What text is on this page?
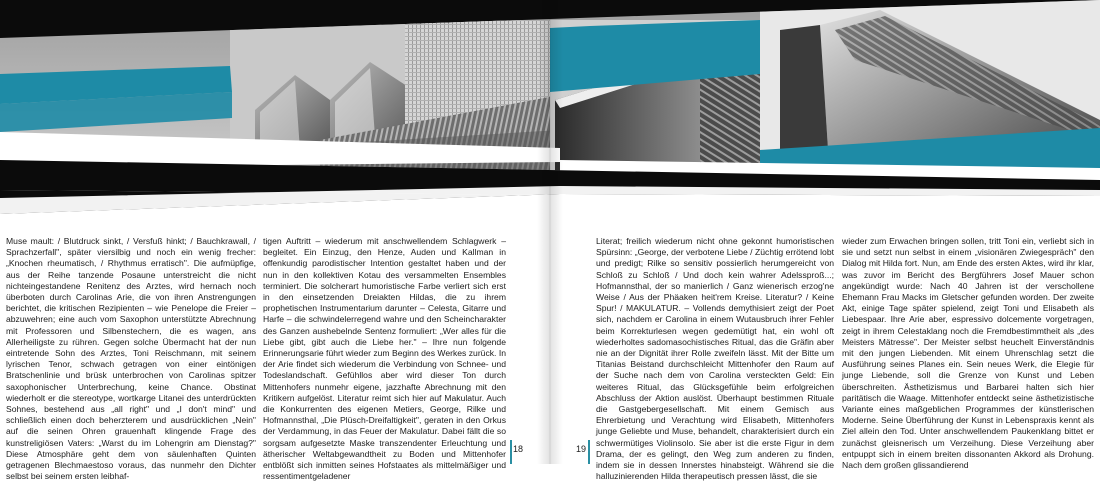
Muse mault: / Blutdruck sinkt, / Versfuß hinkt; / Bauchkrawall, / Sprachzerfall", später viersilbig und noch ein wenig frecher: „Knochen rheumatisch, / Rhythmus erratisch". Die aufmüpfige, aus der Reihe tanzende Posaune unterstreicht die nicht nichteingestandene Renitenz des Arztes, wird hernach noch überboten durch Carolinas Arie, die von ihren Anstrengungen berichtet, die kritischen Rezipienten – wie Penelope die Freier – abzuwehren; eine auch vom Saxophon unterstützte Abrechnung mit Professoren und Silbenstechern, die es wagen, ans Allerheiligste zu rühren. Gegen solche Übermacht hat der nun eintretende Sohn des Arztes, Toni Reischmann, mit seinem lyrischen Tenor, schwach getragen von einer eintönigen Bratschenlinie und brüsk unterbrochen von Carolinas spitzer saxophonischer Unterbrechung, keine Chance. Obstinat wiederholt er die stereotype, wortkarge Litanei des unterdrückten Sohnes, bestehend aus „all right" und „I don't mind" und schließlich einen doch beherzterem und ausdrücklichen „Nein" auf die seinen Ohren grauenhaft klingende Frage des kunstreligiösen Vaters: „Warst du im Lohengrin am Dienstag?" Diese Atmosphäre geht dem von säulenhaften Quinten getragenen Blechmaestoso voraus, das nunmehr den Dichter selbst bei seinem ersten leibhaf-

tigen Auftritt – wiederum mit anschwellendem Schlagwerk – begleitet. Ein Einzug, den Henze, Auden und Kallman in offenkundig parodistischer Intention gestaltet haben und der nun in den kollektiven Kotau des versammelten Ensembles terminiert. Die solcherart humoristische Farbe verliert sich erst in den einsetzenden Dreiakten Hildas, die zu ihrem prophetischen Instrumentarium darunter – Celesta, Gitarre und Harfe – die schwindelerregend wahre und den Scheincharakter des Ganzen aushebelnde Sentenz formuliert: „Wer alles für die Liebe gibt, gibt auch die Liebe her." – Ihre nun folgende Erinnerungsarie führt wieder zum Beginn des Werkes zurück. In der Arie findet sich wiederum die Verbindung von Schnee- und Todeslandschaft. Gefühllos aber wird dieser Ton durch Mittenhofers nunmehr eigene, jazzhafte Abrechnung mit den Kritikern aufgelöst. Literatur reimt sich hier auf Makulatur. Auch die Konkurrenten des eigenen Metiers, George, Rilke und Hofmannsthal, „Die Plüsch-Dreifaltigkeit", geraten in den Orkus der Verdammung, in das Feuer der Makulatur. Dabei fällt die so sorgsam aufgesetzte Maske transzendenter Erleuchtung und ätherischer Weltabgewandtheit zu Boden und Mittenhofer entblößt sich inmitten seines Hofstaates als mittelmäßiger und ressentimentgeladener

Literat; freilich wiederum nicht ohne gekonnt humoristischen Spürsinn: „George, der verbotene Liebe / Züchtig errötend lobt und predigt; Rilke so sensitiv possierlich herumgereicht von Schloß zu Schloß / Und doch kein wahrer Adelssproß...; Hofmannsthal, der so manierlich / Ganz wienerisch erzog'ne Weise / Aus der Phäaken heit'rem Kreise. Literatur? / Keine Spur! / MAKULATUR. – Vollends demythisiert zeigt der Poet sich, nachdem er Carolina in einem Wutausbruch ihrer Fehler beim Korrekturlesen wegen gedemütigt hat, ein wohl oft wiederholtes sadomasochistisches Ritual, das die Gräfin aber nie an der Dignität ihrer Rolle zweifeln lässt. Mit der Bitte um Titanias Beistand durchschleicht Mittenhofer den Raum auf der Suche nach dem von Carolina versteckten Geld: Ein weiteres Ritual, das Glücksgefühle beim erfolgreichen Abschluss der Aktion auslöst. Überhaupt bestimmen Rituale die Gastgebergesellschaft. Mit einem Gemisch aus Ehrerbietung und Verachtung wird Elisabeth, Mittenhofers junge Geliebte und Muse, behandelt, charakterisiert durch ein schwermütiges Violinsolo. Sie aber ist die erste Figur in dem Drama, der es gelingt, den Weg zum anderen zu finden, indem sie in dessen Innerstes hinabsteigt. Während sie die halluzinierenden Hilda therapeutisch pressen lässt, die sie

wieder zum Erwachen bringen sollen, tritt Toni ein, verliebt sich in sie und setzt nun selbst in einem „visionären Zwiegespräch" den Dialog mit Hilda fort. Nun, am Ende des ersten Aktes, wird ihr klar, was zuvor im Bericht des Bergführers Josef Mauer schon angekündigt wurde: Nach 40 Jahren ist der verschollene Ehemann Frau Macks im Gletscher gefunden worden. Der zweite Akt, einige Tage später spielend, zeigt Toni und Elisabeth als Liebespaar. Ihre Arie aber, espressivo dolcemente vorgetragen, zeigt in ihrem Celestaklang noch die Fremdbestimmtheit als „des Meisters Mätresse". Der Meister selbst heuchelt Einverständnis mit den jungen Liebenden. Mit einem Uhrenschlag setzt die Ausführung seines Planes ein. Sein neues Werk, die Elegie für junge Liebende, soll die Grenze von Kunst und Leben überschreiten. Ästhetizismus und Barbarei halten sich hier paritätisch die Waage. Mittenhofer entdeckt seine ästhetizistische Variante eines maßgeblichen Programmes der künstlerischen Moderne. Seine Überführung der Kunst in Lebenspraxis kennt als Ziel allein den Tod. Unter anschwellendem Paukenklang bittet er zunächst gleisnerisch um Verzeihung. Diese Verzeihung aber entpuppt sich in einem breiten dissonanten Akkord als Drohung. Nach dem großen glissandierend

18	19
